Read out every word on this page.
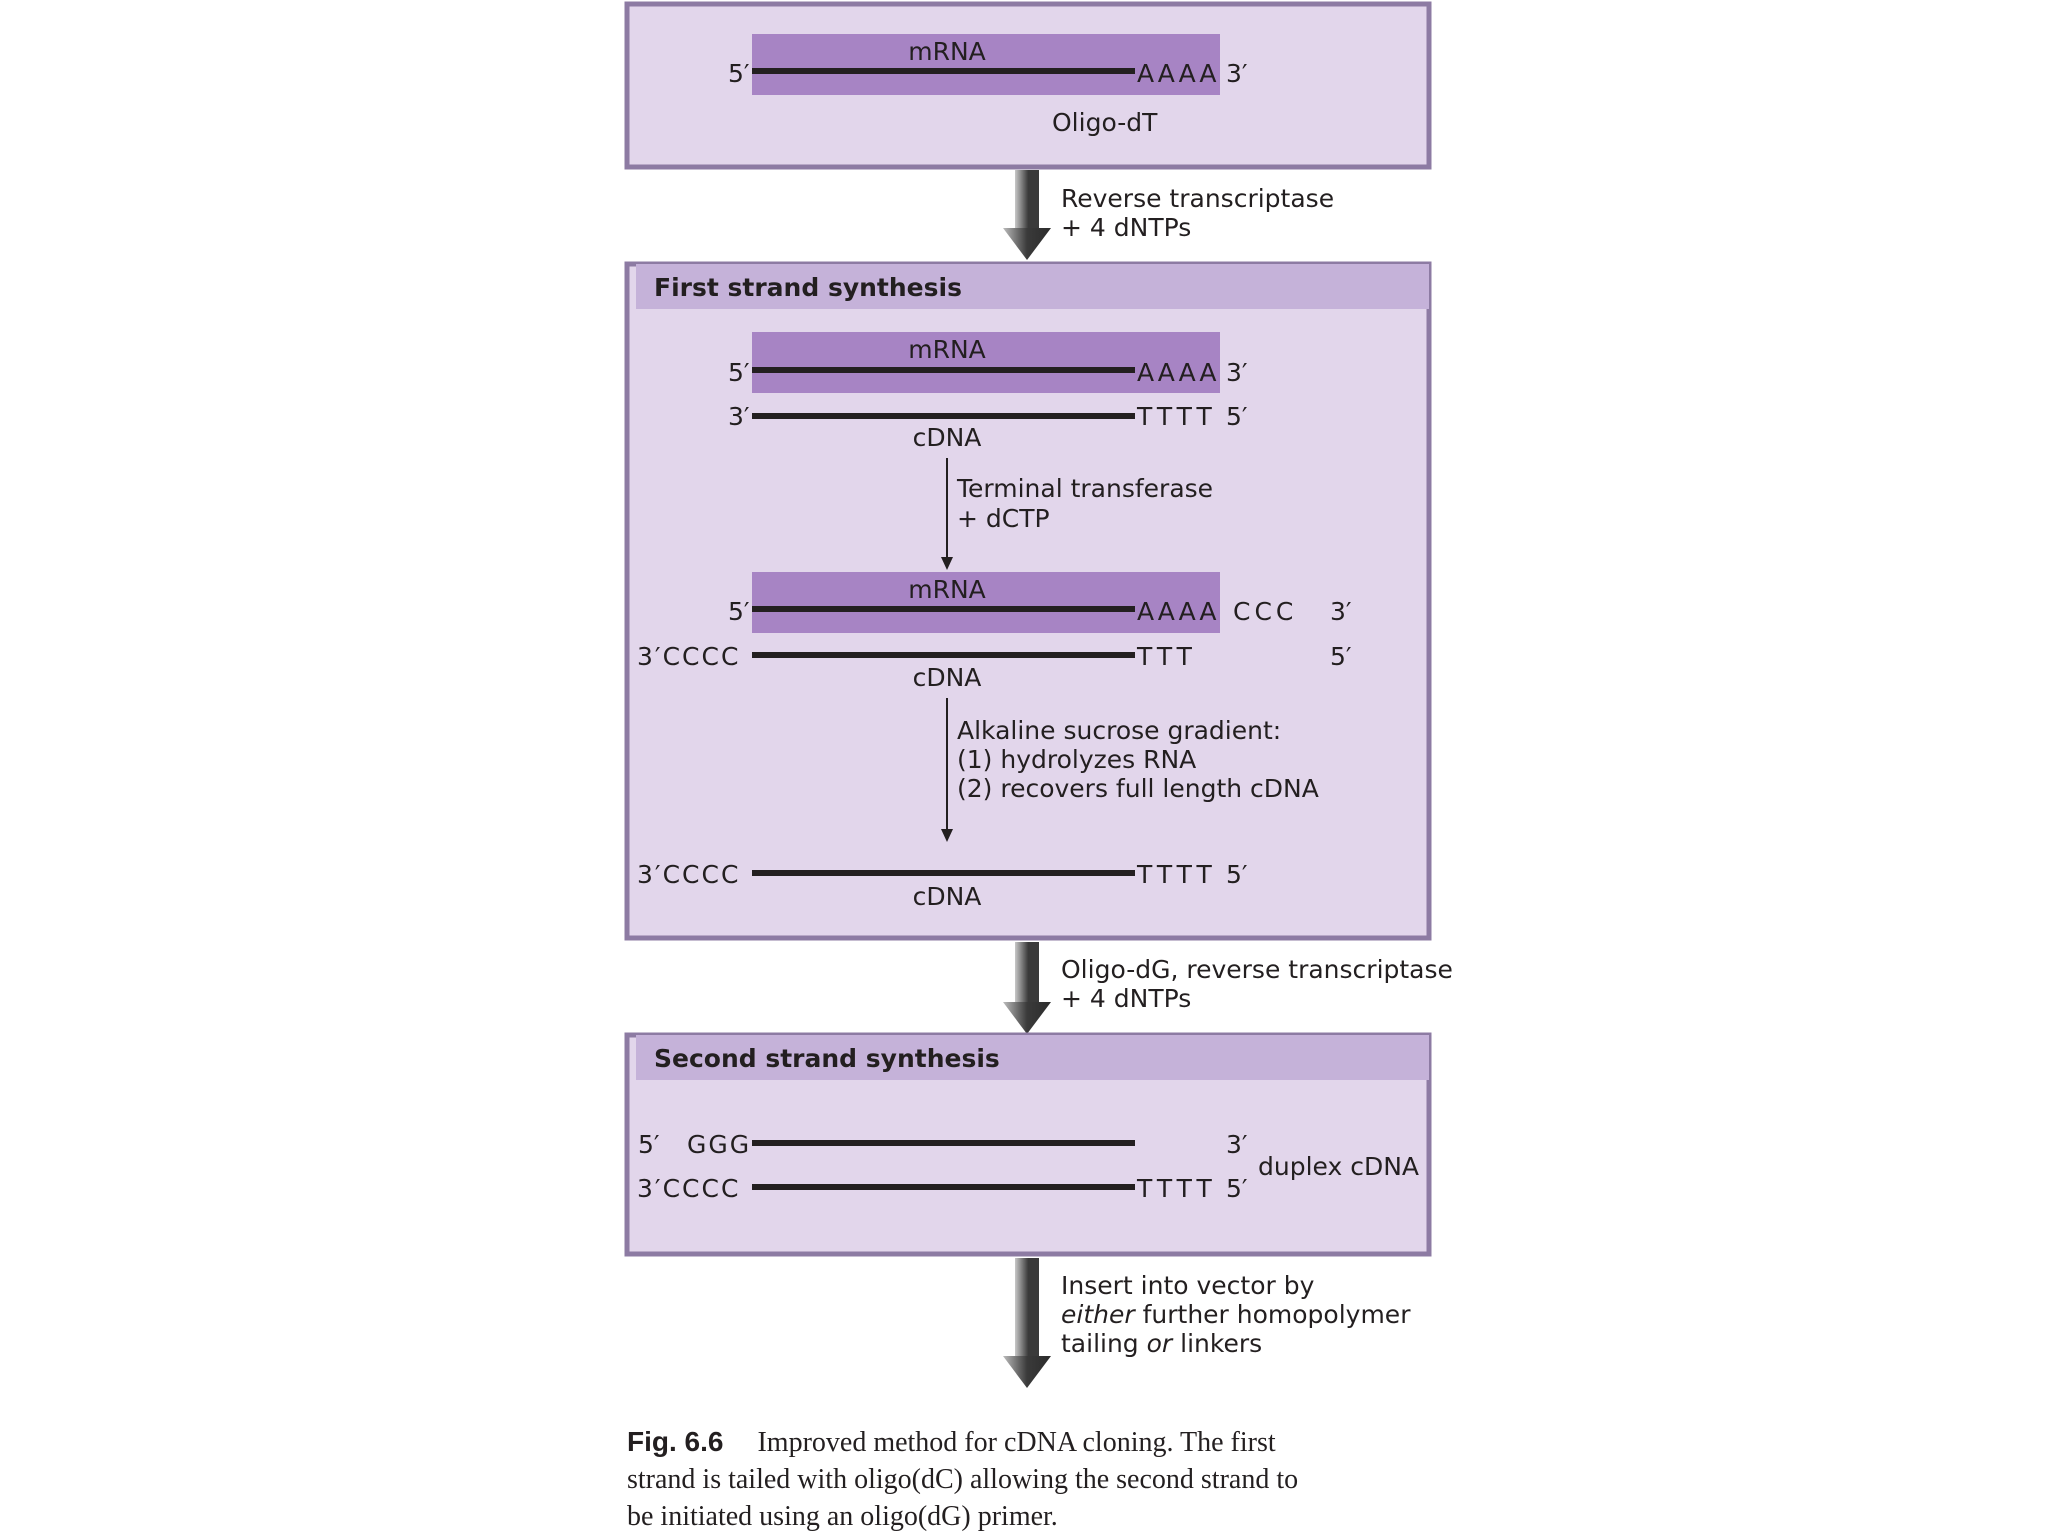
mRNA
5′	AAAA 3′
Oligo-dT
Reverse transcriptase
+ 4 dNTPs
First strand synthesis
mRNA
5′	AAAA 3′
3′	TTTT 5′
cDNA
Terminal transferase
+ dCTP
mRNA
5′	AAAA CCC 3′
3′CCCC	TTT	5′
cDNA
Alkaline sucrose gradient:
(1) hydrolyzes RNA
(2) recovers full length cDNA
3′CCCC	TTTT 5′
cDNA
Oligo-dG, reverse transcriptase
+ 4 dNTPs
Second strand synthesis
5′ GGG	3′
3′CCCC	TTTT 5′
duplex cDNA
Insert into vector by
either further homopolymer
tailing or linkers
Fig. 6.6 Improved method for cDNA cloning. The first
strand is tailed with oligo(dC) allowing the second strand to
be initiated using an oligo(dG) primer.
